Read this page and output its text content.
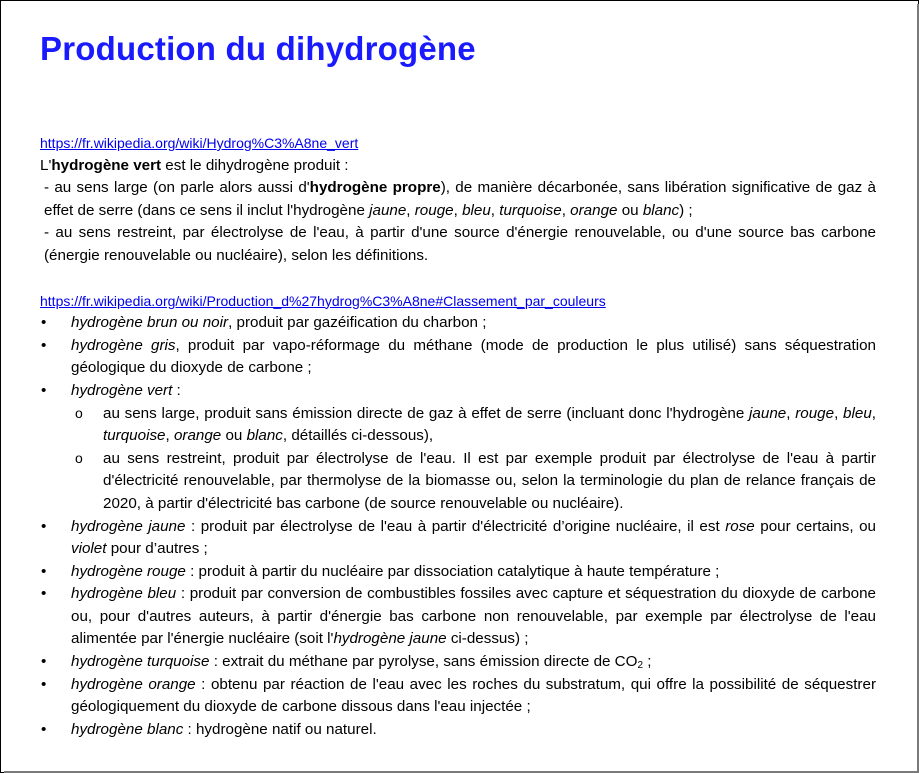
Production du dihydrogène
https://fr.wikipedia.org/wiki/Hydrog%C3%A8ne_vert

L'hydrogène vert est le dihydrogène produit :

- au sens large (on parle alors aussi d'hydrogène propre), de manière décarbonée, sans libération significative de gaz à effet de serre (dans ce sens il inclut l'hydrogène jaune, rouge, bleu, turquoise, orange ou blanc) ;

- au sens restreint, par électrolyse de l'eau, à partir d'une source d'énergie renouvelable, ou d'une source bas carbone (énergie renouvelable ou nucléaire), selon les définitions.

https://fr.wikipedia.org/wiki/Production_d%27hydrog%C3%A8ne#Classement_par_couleurs
• hydrogène brun ou noir, produit par gazéification du charbon ;
• hydrogène gris, produit par vapo-réformage du méthane (mode de production le plus utilisé) sans séquestration géologique du dioxyde de carbone ;
• hydrogène vert :
o au sens large, produit sans émission directe de gaz à effet de serre (incluant donc l'hydrogène jaune, rouge, bleu, turquoise, orange ou blanc, détaillés ci-dessous),
o au sens restreint, produit par électrolyse de l'eau. Il est par exemple produit par électrolyse de l'eau à partir d'électricité renouvelable, par thermolyse de la biomasse ou, selon la terminologie du plan de relance français de 2020, à partir d'électricité bas carbone (de source renouvelable ou nucléaire).
• hydrogène jaune : produit par électrolyse de l'eau à partir d'électricité d’origine nucléaire, il est rose pour certains, ou violet pour d’autres ;
• hydrogène rouge : produit à partir du nucléaire par dissociation catalytique à haute température ;
• hydrogène bleu : produit par conversion de combustibles fossiles avec capture et séquestration du dioxyde de carbone ou, pour d'autres auteurs, à partir d'énergie bas carbone non renouvelable, par exemple par électrolyse de l'eau alimentée par l'énergie nucléaire (soit l'hydrogène jaune ci-dessus) ;
• hydrogène turquoise : extrait du méthane par pyrolyse, sans émission directe de $CO_2$ ;
• hydrogène orange : obtenu par réaction de l'eau avec les roches du substratum, qui offre la possibilité de séquestrer géologiquement du dioxyde de carbone dissous dans l'eau injectée ;
• hydrogène blanc : hydrogène natif ou naturel.
